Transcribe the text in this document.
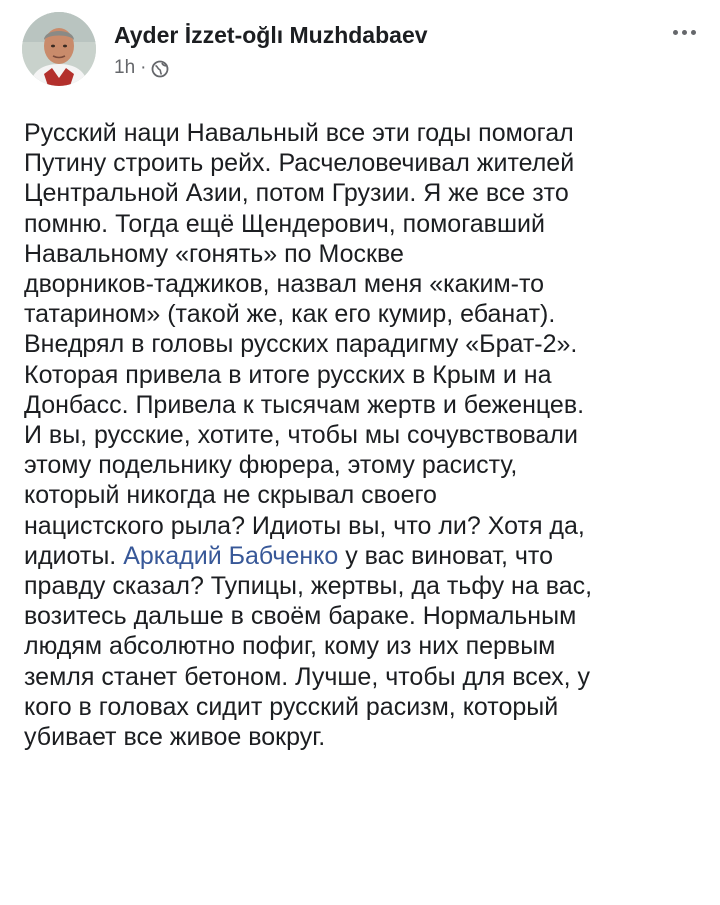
Ayder İzzet-oğlı Muzhdabaev
1h ·
Русский наци Навальный все эти годы помогал
Путину строить рейх. Расчеловечивал жителей
Центральной Азии, потом Грузии. Я же все зто
помню. Тогда ещё Щендерович, помогавший
Навальному «гонять» по Москве
дворников-таджиков, назвал меня «каким-то
татарином» (такой же, как его кумир, ебанат).
Внедрял в головы русских парадигму «Брат-2».
Которая привела в итоге русских в Крым и на
Донбасс. Привела к тысячам жертв и беженцев.
И вы, русские, хотите, чтобы мы сочувствовали
этому подельнику фюрера, этому расисту,
который никогда не скрывал своего
нацистского рыла? Идиоты вы, что ли? Хотя да,
идиоты. Аркадий Бабченко у вас виноват, что
правду сказал? Тупицы, жертвы, да тьфу на вас,
возитесь дальше в своём бараке. Нормальным
людям абсолютно пофиг, кому из них первым
земля станет бетоном. Лучше, чтобы для всех, у
кого в головах сидит русский расизм, который
убивает все живое вокруг.
